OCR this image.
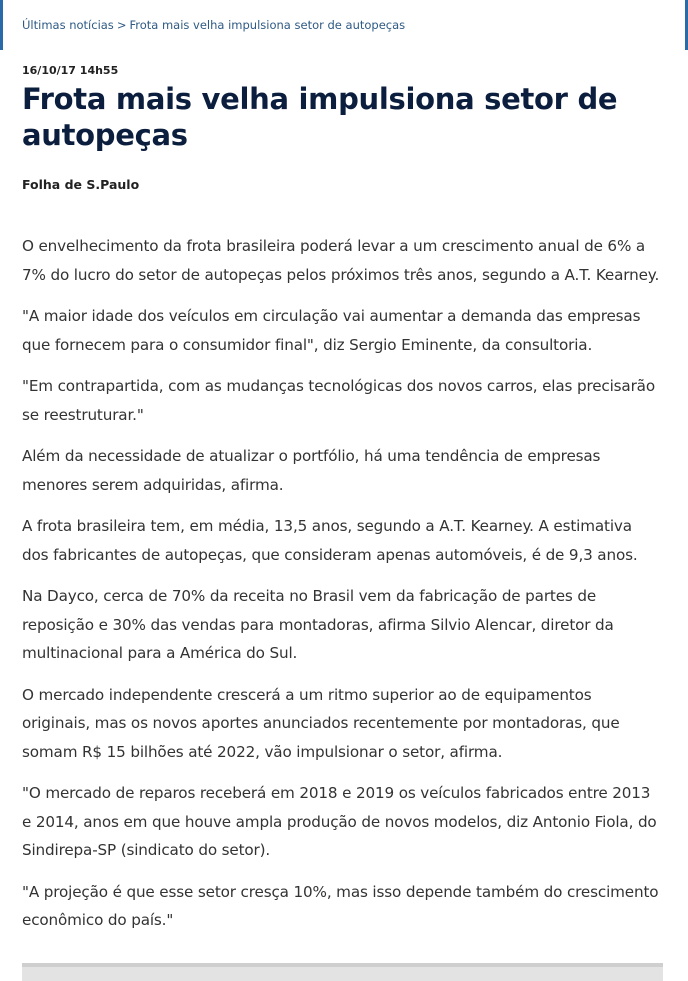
Últimas notícias > Frota mais velha impulsiona setor de autopeças

16/10/17 14h55

Frota mais velha impulsiona setor de autopeças

Folha de S.Paulo

O envelhecimento da frota brasileira poderá levar a um crescimento anual de 6% a 7% do lucro do setor de autopeças pelos próximos três anos, segundo a A.T. Kearney.

"A maior idade dos veículos em circulação vai aumentar a demanda das empresas que fornecem para o consumidor final", diz Sergio Eminente, da consultoria.

"Em contrapartida, com as mudanças tecnológicas dos novos carros, elas precisarão se reestruturar."

Além da necessidade de atualizar o portfólio, há uma tendência de empresas menores serem adquiridas, afirma.

A frota brasileira tem, em média, 13,5 anos, segundo a A.T. Kearney. A estimativa dos fabricantes de autopeças, que consideram apenas automóveis, é de 9,3 anos.

Na Dayco, cerca de 70% da receita no Brasil vem da fabricação de partes de reposição e 30% das vendas para montadoras, afirma Silvio Alencar, diretor da multinacional para a América do Sul.

O mercado independente crescerá a um ritmo superior ao de equipamentos originais, mas os novos aportes anunciados recentemente por montadoras, que somam R$ 15 bilhões até 2022, vão impulsionar o setor, afirma.

"O mercado de reparos receberá em 2018 e 2019 os veículos fabricados entre 2013 e 2014, anos em que houve ampla produção de novos modelos, diz Antonio Fiola, do Sindirepa-SP (sindicato do setor).

"A projeção é que esse setor cresça 10%, mas isso depende também do crescimento econômico do país."
